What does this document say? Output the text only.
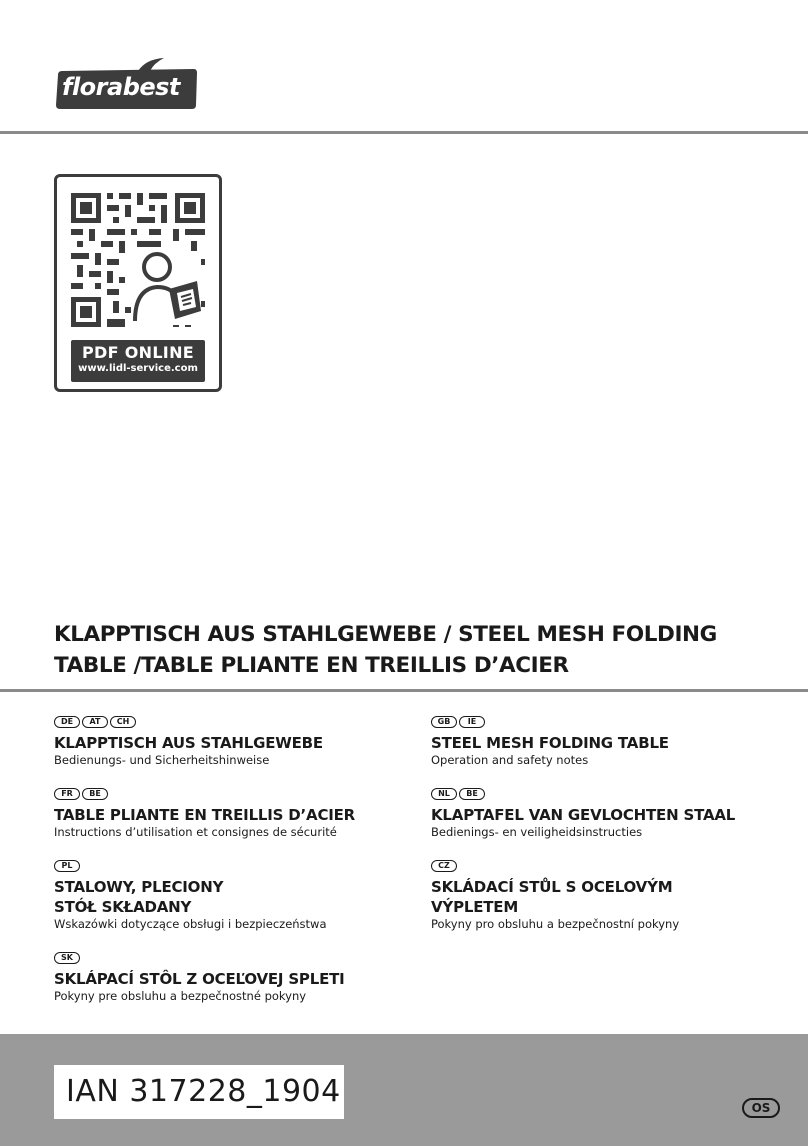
florabest
PDF ONLINE
www.lidl-service.com
KLAPPTISCH AUS STAHLGEWEBE / STEEL MESH FOLDING
TABLE /TABLE PLIANTE EN TREILLIS D’ACIER
DE	AT	CH
KLAPPTISCH AUS STAHLGEWEBE
Bedienungs- und Sicherheitshinweise
FR	BE
TABLE PLIANTE EN TREILLIS D’ACIER
Instructions d’utilisation et consignes de sécurité
PL
STALOWY, PLECIONY
STÓŁ SKŁADANY
Wskazówki dotyczące obsługi i bezpieczeństwa
SK
SKLÁPACÍ STÔL Z OCEĽOVEJ SPLETI
Pokyny pre obsluhu a bezpečnostné pokyny
GB	IE
STEEL MESH FOLDING TABLE
Operation and safety notes
NL	BE
KLAPTAFEL VAN GEVLOCHTEN STAAL
Bedienings- en veiligheidsinstructies
CZ
SKLÁDACÍ STŮL S OCELOVÝM
VÝPLETEM
Pokyny pro obsluhu a bezpečnostní pokyny
IAN 317228_1904	OS
